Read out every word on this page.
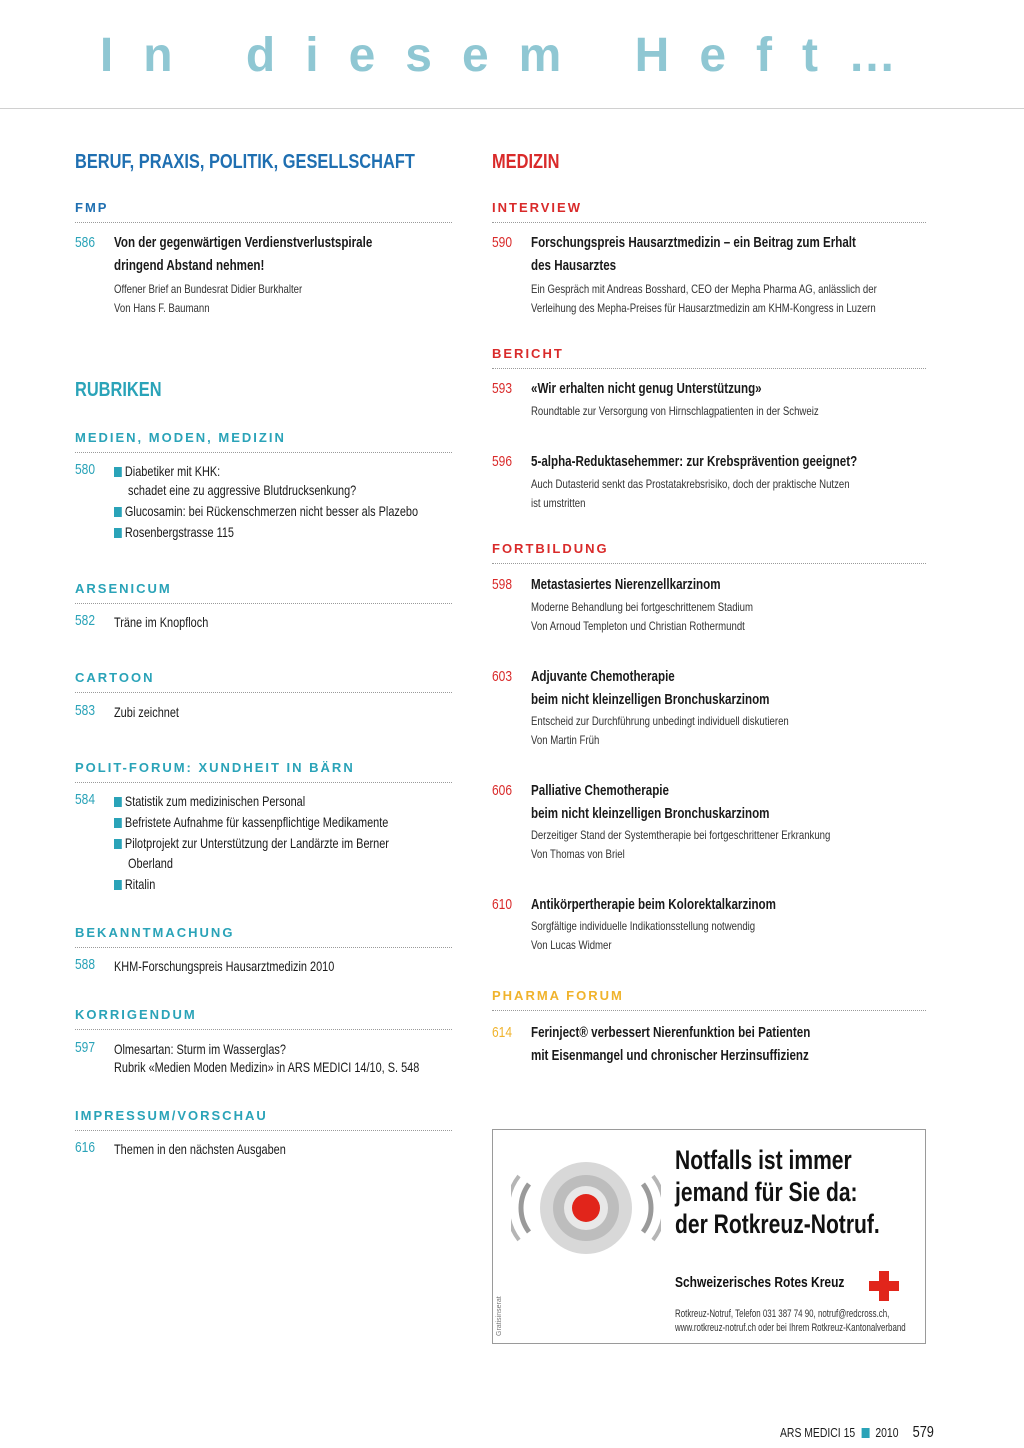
In diesem Heft…
BERUF, PRAXIS, POLITIK, GESELLSCHAFT
FMP
586 Von der gegenwärtigen Verdienstverlustspirale
dringend Abstand nehmen!
Offener Brief an Bundesrat Didier Burkhalter
Von Hans F. Baumann
RUBRIKEN
MEDIEN, MODEN, MEDIZIN
580	Diabetiker mit KHK:
schadet eine zu aggressive Blutdrucksenkung?
Glucosamin: bei Rückenschmerzen nicht besser als Plazebo
Rosenbergstrasse 115
ARSENICUM
582 Träne im Knopfloch
CARTOON
583 Zubi zeichnet
POLIT-FORUM: XUNDHEIT IN BÄRN
584	Statistik zum medizinischen Personal
Befristete Aufnahme für kassenpflichtige Medikamente
Pilotprojekt zur Unterstützung der Landärzte im Berner
Oberland
Ritalin
BEKANNTMACHUNG
588 KHM-Forschungspreis Hausarztmedizin 2010
KORRIGENDUM
597 Olmesartan: Sturm im Wasserglas?
Rubrik «Medien Moden Medizin» in ARS MEDICI 14/10, S. 548
IMPRESSUM/VORSCHAU
616 Themen in den nächsten Ausgaben
MEDIZIN
INTERVIEW
590 Forschungspreis Hausarztmedizin – ein Beitrag zum Erhalt
des Hausarztes
Ein Gespräch mit Andreas Bosshard, CEO der Mepha Pharma AG, anlässlich der
Verleihung des Mepha-Preises für Hausarztmedizin am KHM-Kongress in Luzern
BERICHT
593 «Wir erhalten nicht genug Unterstützung»
Roundtable zur Versorgung von Hirnschlagpatienten in der Schweiz
596 5-alpha-Reduktasehemmer: zur Krebsprävention geeignet?
Auch Dutasterid senkt das Prostatakrebsrisiko, doch der praktische Nutzen
ist umstritten
FORTBILDUNG
598 Metastasiertes Nierenzellkarzinom
Moderne Behandlung bei fortgeschrittenem Stadium
Von Arnoud Templeton und Christian Rothermundt
603 Adjuvante Chemotherapie
beim nicht kleinzelligen Bronchuskarzinom
Entscheid zur Durchführung unbedingt individuell diskutieren
Von Martin Früh
606 Palliative Chemotherapie
beim nicht kleinzelligen Bronchuskarzinom
Derzeitiger Stand der Systemtherapie bei fortgeschrittener Erkrankung
Von Thomas von Briel
610 Antikörpertherapie beim Kolorektalkarzinom
Sorgfältige individuelle Indikationsstellung notwendig
Von Lucas Widmer
PHARMA FORUM
614 Ferinject® verbessert Nierenfunktion bei Patienten
mit Eisenmangel und chronischer Herzinsuffizienz
Notfalls ist immer
jemand für Sie da:
der Rotkreuz-Notruf.
Schweizerisches Rotes Kreuz
Rotkreuz-Notruf, Telefon 031 387 74 90, notruf@redcross.ch,
www.rotkreuz-notruf.ch oder bei Ihrem Rotkreuz-Kantonalverband
Gratisinserat
ARS MEDICI 15 2010 579
